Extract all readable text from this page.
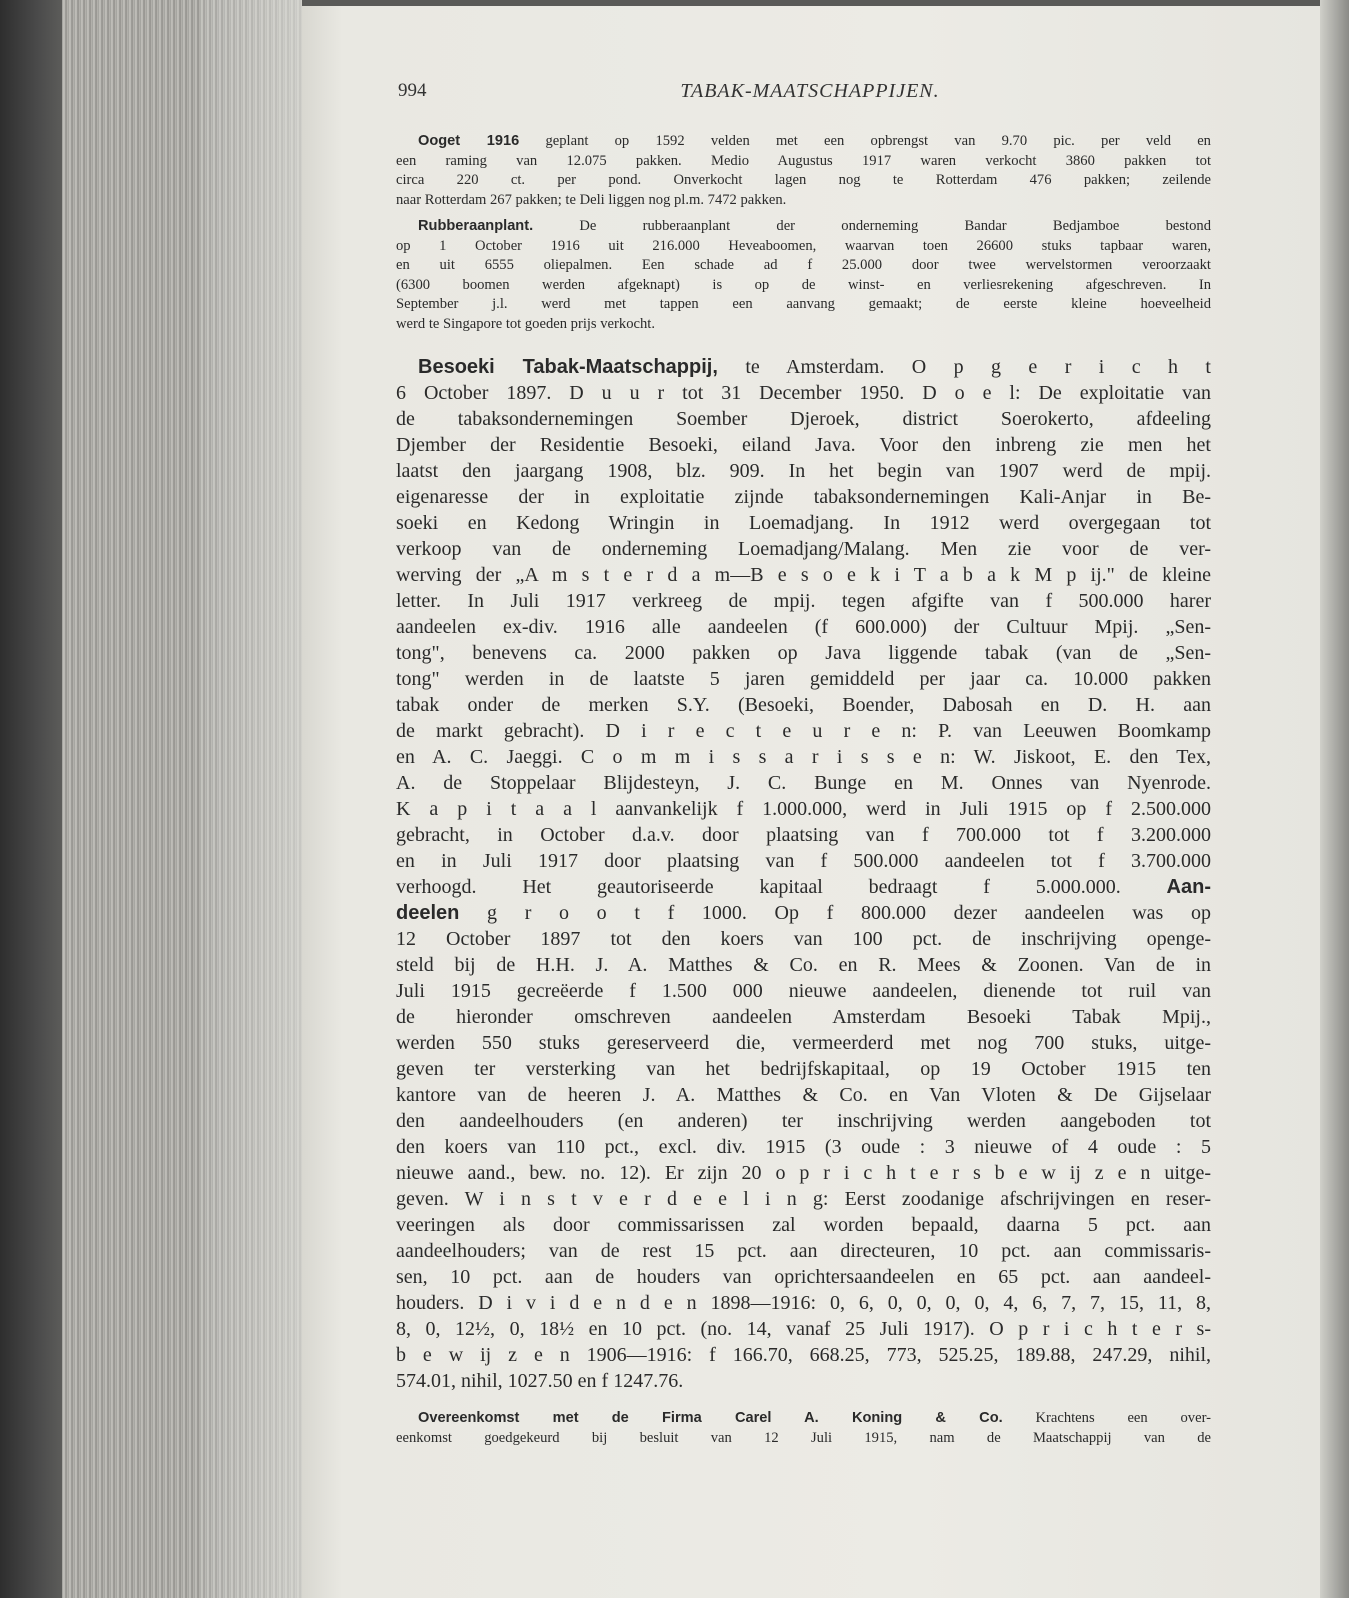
994	TABAK-MAATSCHAPPIJEN.
Ooget 1916 geplant op 1592 velden met een opbrengst van 9.70 pic. per veld en
een raming van 12.075 pakken. Medio Augustus 1917 waren verkocht 3860 pakken tot
circa 220 ct. per pond. Onverkocht lagen nog te Rotterdam 476 pakken; zeilende
naar Rotterdam 267 pakken; te Deli liggen nog pl.m. 7472 pakken.
Rubberaanplant. De rubberaanplant der onderneming Bandar Bedjamboe bestond
op 1 October 1916 uit 216.000 Heveaboomen, waarvan toen 26600 stuks tapbaar waren,
en uit 6555 oliepalmen. Een schade ad f 25.000 door twee wervelstormen veroorzaakt
(6300 boomen werden afgeknapt) is op de winst- en verliesrekening afgeschreven. In
September j.l. werd met tappen een aanvang gemaakt; de eerste kleine hoeveelheid
werd te Singapore tot goeden prijs verkocht.
Besoeki Tabak-Maatschappij, te Amsterdam. O p g e r i c h t
6 October 1897. D u u r tot 31 December 1950. D o e l: De exploitatie van
de tabaksondernemingen Soember Djeroek, district Soerokerto, afdeeling
Djember der Residentie Besoeki, eiland Java. Voor den inbreng zie men het
laatst den jaargang 1908, blz. 909. In het begin van 1907 werd de mpij.
eigenaresse der in exploitatie zijnde tabaksondernemingen Kali-Anjar in Be-
soeki en Kedong Wringin in Loemadjang. In 1912 werd overgegaan tot
verkoop van de onderneming Loemadjang/Malang. Men zie voor de ver-
werving der „A m s t e r d a m—B e s o e k i T a b a k M p ij." de kleine
letter. In Juli 1917 verkreeg de mpij. tegen afgifte van f 500.000 harer
aandeelen ex-div. 1916 alle aandeelen (f 600.000) der Cultuur Mpij. „Sen-
tong", benevens ca. 2000 pakken op Java liggende tabak (van de „Sen-
tong" werden in de laatste 5 jaren gemiddeld per jaar ca. 10.000 pakken
tabak onder de merken S.Y. (Besoeki, Boender, Dabosah en D. H. aan
de markt gebracht). D i r e c t e u r e n: P. van Leeuwen Boomkamp
en A. C. Jaeggi. C o m m i s s a r i s s e n: W. Jiskoot, E. den Tex,
A. de Stoppelaar Blijdesteyn, J. C. Bunge en M. Onnes van Nyenrode.
K a p i t a a l aanvankelijk f 1.000.000, werd in Juli 1915 op f 2.500.000
gebracht, in October d.a.v. door plaatsing van f 700.000 tot f 3.200.000
en in Juli 1917 door plaatsing van f 500.000 aandeelen tot f 3.700.000
verhoogd. Het geautoriseerde kapitaal bedraagt f 5.000.000. Aan-
deelen g r o o t f 1000. Op f 800.000 dezer aandeelen was op
12 October 1897 tot den koers van 100 pct. de inschrijving openge-
steld bij de H.H. J. A. Matthes & Co. en R. Mees & Zoonen. Van de in
Juli 1915 gecreëerde f 1.500 000 nieuwe aandeelen, dienende tot ruil van
de hieronder omschreven aandeelen Amsterdam Besoeki Tabak Mpij.,
werden 550 stuks gereserveerd die, vermeerderd met nog 700 stuks, uitge-
geven ter versterking van het bedrijfskapitaal, op 19 October 1915 ten
kantore van de heeren J. A. Matthes & Co. en Van Vloten & De Gijselaar
den aandeelhouders (en anderen) ter inschrijving werden aangeboden tot
den koers van 110 pct., excl. div. 1915 (3 oude : 3 nieuwe of 4 oude : 5
nieuwe aand., bew. no. 12). Er zijn 20 o p r i c h t e r s b e w ij z e n uitge-
geven. W i n s t v e r d e e l i n g: Eerst zoodanige afschrijvingen en reser-
veeringen als door commissarissen zal worden bepaald, daarna 5 pct. aan
aandeelhouders; van de rest 15 pct. aan directeuren, 10 pct. aan commissaris-
sen, 10 pct. aan de houders van oprichtersaandeelen en 65 pct. aan aandeel-
houders. D i v i d e n d e n 1898—1916: 0, 6, 0, 0, 0, 0, 4, 6, 7, 7, 15, 11, 8,
8, 0, 12½, 0, 18½ en 10 pct. (no. 14, vanaf 25 Juli 1917). O p r i c h t e r s-
b e w ij z e n 1906—1916: f 166.70, 668.25, 773, 525.25, 189.88, 247.29, nihil,
574.01, nihil, 1027.50 en f 1247.76.
Overeenkomst met de Firma Carel A. Koning & Co. Krachtens een over-
eenkomst goedgekeurd bij besluit van 12 Juli 1915, nam de Maatschappij van de
